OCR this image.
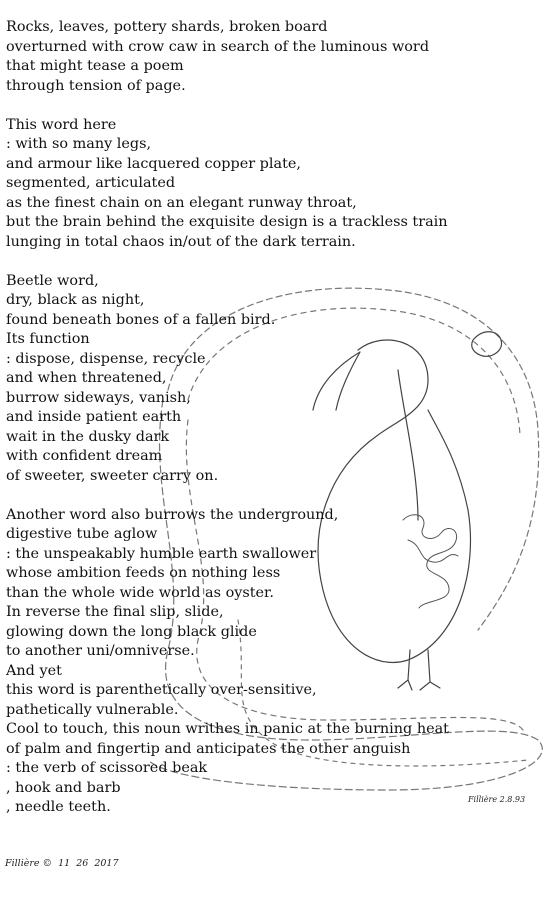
Fillière 2.8.93
Rocks, leaves, pottery shards, broken board
overturned with crow caw in search of the luminous word
that might tease a poem
through tension of page.
This word here
: with so many legs,
and armour like lacquered copper plate,
segmented, articulated
as the finest chain on an elegant runway throat,
but the brain behind the exquisite design is a trackless train
lunging in total chaos in/out of the dark terrain.
Beetle word,
dry, black as night,
found beneath bones of a fallen bird.
Its function
: dispose, dispense, recycle
and when threatened,
burrow sideways, vanish,
and inside patient earth
wait in the dusky dark
with confident dream
of sweeter, sweeter carry on.
Another word also burrows the underground,
digestive tube aglow
: the unspeakably humble earth swallower
whose ambition feeds on nothing less
than the whole wide world as oyster.
In reverse the final slip, slide,
glowing down the long black glide
to another uni/omniverse.
And yet
this word is parenthetically over-sensitive,
pathetically vulnerable.
Cool to touch, this noun writhes in panic at the burning heat
of palm and fingertip and anticipates the other anguish
: the verb of scissored beak
, hook and barb
, needle teeth.
Fillière ©  11  26  2017
